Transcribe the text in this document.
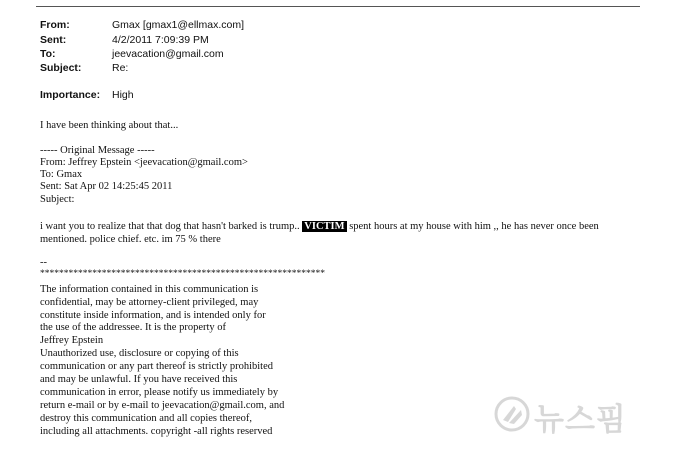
From:	Gmax [gmax1@ellmax.com]
Sent:	4/2/2011 7:09:39 PM
To:	jeevacation@gmail.com
Subject:	Re:
Importance: High
I have been thinking about that...
----- Original Message -----
From: Jeffrey Epstein <jeevacation@gmail.com>
To: Gmax
Sent: Sat Apr 02 14:25:45 2011
Subject:
i want you to realize that that dog that hasn't barked is trump.. VICTIM spent hours at my house with him ,, he has never once been
mentioned. police chief. etc. im 75 % there
--
************************************************************
The information contained in this communication is
confidential, may be attorney-client privileged, may
constitute inside information, and is intended only for
the use of the addressee. It is the property of
Jeffrey Epstein
Unauthorized use, disclosure or copying of this
communication or any part thereof is strictly prohibited
and may be unlawful. If you have received this
communication in error, please notify us immediately by
return e-mail or by e-mail to jeevacation@gmail.com, and
destroy this communication and all copies thereof,
including all attachments. copyright -all rights reserved	뉴스핌
